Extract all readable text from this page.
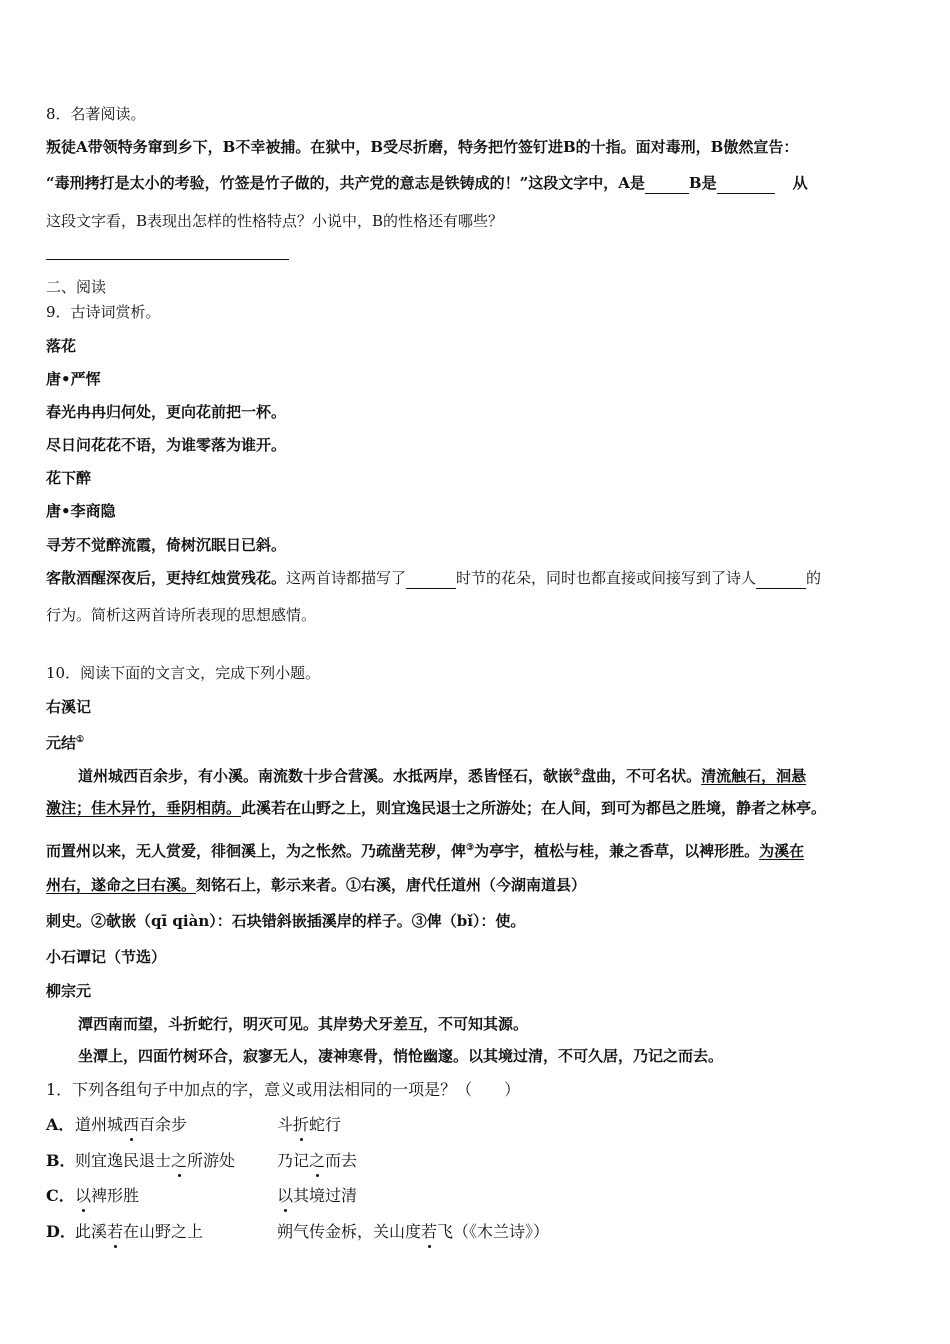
8．名著阅读。
叛徒A带领特务窜到乡下，B不幸被捕。在狱中，B受尽折磨，特务把竹签钉进B的十指。面对毒刑，B傲然宣告：
“毒刑拷打是太小的考验，竹签是竹子做的，共产党的意志是铁铸成的！”这段文字中，A是	B是	从
这段文字看，B表现出怎样的性格特点？小说中，B的性格还有哪些？
二、阅读
9．古诗词赏析。
落花
唐•严恽
春光冉冉归何处，更向花前把一杯。
尽日问花花不语，为谁零落为谁开。
花下醉
唐•李商隐
寻芳不觉醉流霞，倚树沉眠日已斜。
客散酒醒深夜后，更持红烛赏残花。这两首诗都描写了	时节的花朵，同时也都直接或间接写到了诗人	的
行为。简析这两首诗所表现的思想感情。
10．阅读下面的文言文，完成下列小题。
右溪记
元结①
道州城西百余步，有小溪。南流数十步合营溪。水抵两岸，悉皆怪石，欹嵌②盘曲，不可名状。清流触石，洄悬
激注；佳木异竹，垂阴相荫。此溪若在山野之上，则宜逸民退士之所游处；在人间，到可为都邑之胜境，静者之林亭。
而置州以来，无人赏爱，徘徊溪上，为之怅然。乃疏凿芜秽，俾③为亭宇，植松与桂，兼之香草，以裨形胜。为溪在
州右，遂命之曰右溪。刻铭石上，彰示来者。①右溪，唐代任道州（今湖南道县）
刺史。②欹嵌（qī qiàn）：石块错斜嵌插溪岸的样子。③俾（bǐ）：使。
小石谭记（节选）
柳宗元
潭西南而望，斗折蛇行，明灭可见。其岸势犬牙差互，不可知其源。
坐潭上，四面竹树环合，寂寥无人，凄神寒骨，悄怆幽邃。以其境过清，不可久居，乃记之而去。
1．下列各组句子中加点的字，意义或用法相同的一项是？（　　）
A． 道州城西百余步	斗折蛇行
B． 则宜逸民退士之所游处	乃记之而去
C． 以裨形胜	以其境过清
D． 此溪若在山野之上	朔气传金柝，关山度若飞（《木兰诗》）
